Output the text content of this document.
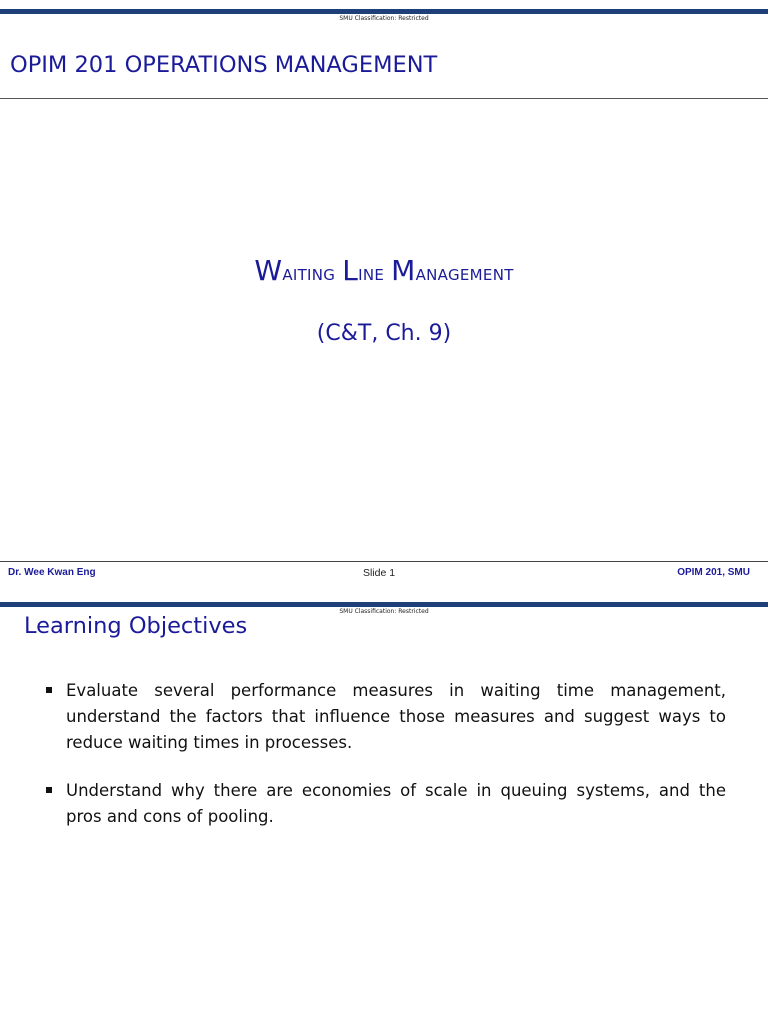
SMU Classification: Restricted
OPIM 201 OPERATIONS MANAGEMENT
Waiting Line Management
(C&T, Ch. 9)
Dr. Wee Kwan Eng	Slide 1	OPIM 201, SMU
SMU Classification: Restricted
Learning Objectives
Evaluate several performance measures in waiting time management, understand the factors that influence those measures and suggest ways to reduce waiting times in processes.
Understand why there are economies of scale in queuing systems, and the pros and cons of pooling.
